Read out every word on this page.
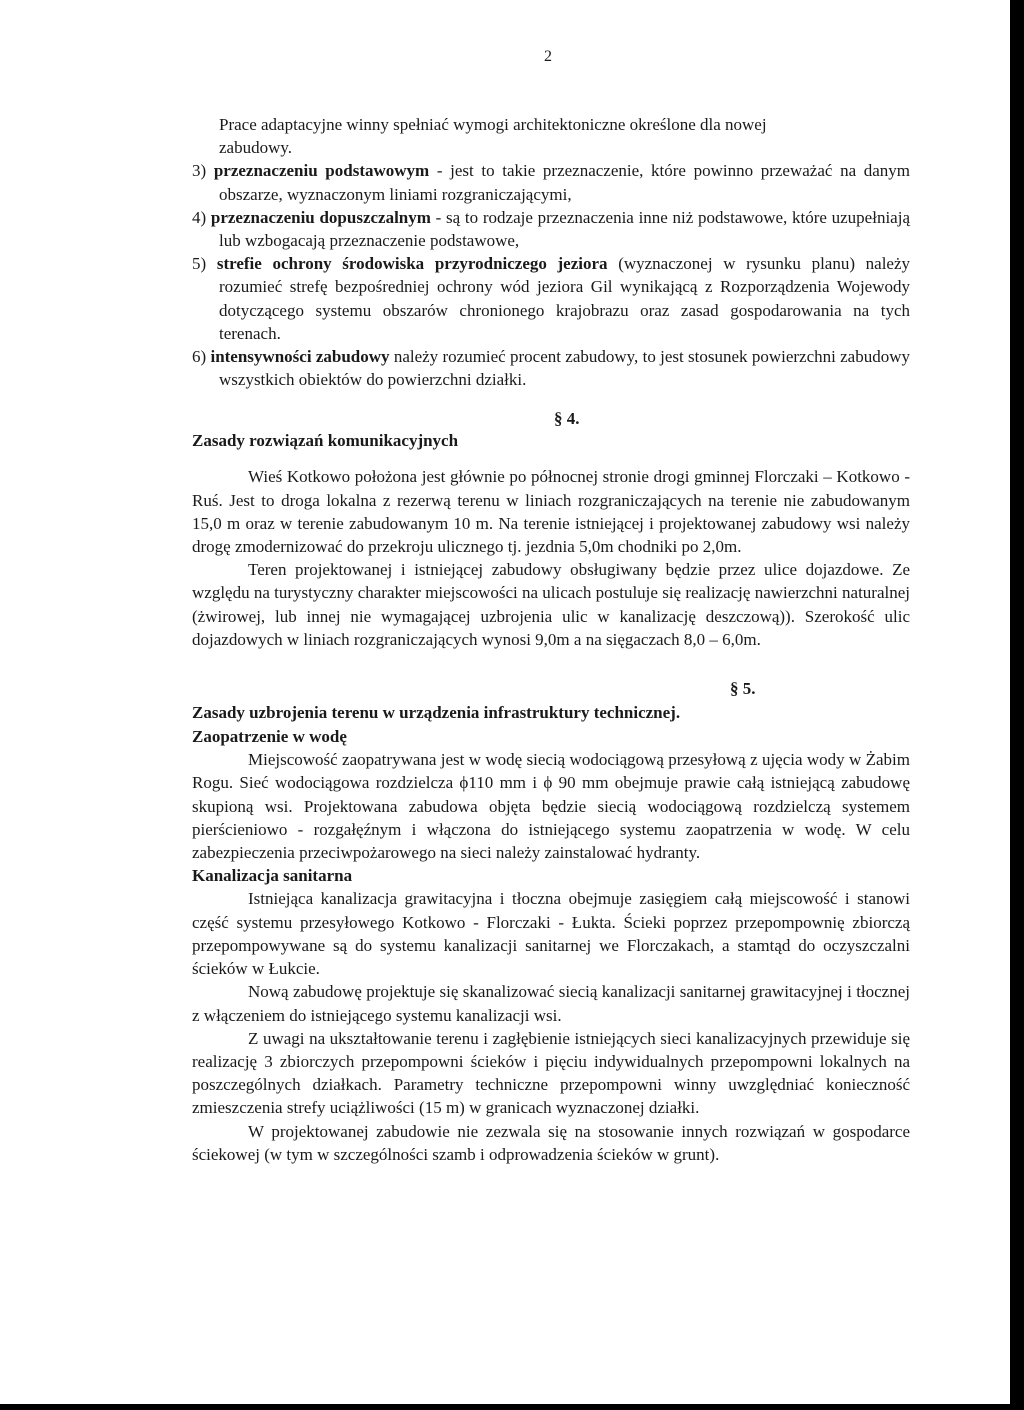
2

Prace adaptacyjne winny spełniać wymogi architektoniczne określone dla nowej

zabudowy.

3) przeznaczeniu podstawowym - jest to takie przeznaczenie, które powinno przeważać na danym obszarze, wyznaczonym liniami rozgraniczającymi,

4) przeznaczeniu dopuszczalnym - są to rodzaje przeznaczenia inne niż podstawowe, które uzupełniają lub wzbogacają przeznaczenie podstawowe,

5) strefie ochrony środowiska przyrodniczego jeziora (wyznaczonej w rysunku planu) należy rozumieć strefę bezpośredniej ochrony wód jeziora Gil wynikającą z Rozporządzenia Wojewody dotyczącego systemu obszarów chronionego krajobrazu oraz zasad gospodarowania na tych terenach.

6) intensywności zabudowy należy rozumieć procent zabudowy, to jest stosunek powierzchni zabudowy wszystkich obiektów do powierzchni działki.

§ 4.
Zasady rozwiązań komunikacyjnych

Wieś Kotkowo położona jest głównie po północnej stronie drogi gminnej Florczaki – Kotkowo - Ruś. Jest to droga lokalna z rezerwą terenu w liniach rozgraniczających na terenie nie zabudowanym 15,0 m oraz w terenie zabudowanym 10 m. Na terenie istniejącej i projektowanej zabudowy wsi należy drogę zmodernizować do przekroju ulicznego tj. jezdnia 5,0m chodniki po 2,0m.

Teren projektowanej i istniejącej zabudowy obsługiwany będzie przez ulice dojazdowe. Ze względu na turystyczny charakter miejscowości na ulicach postuluje się realizację nawierzchni naturalnej (żwirowej, lub innej nie wymagającej uzbrojenia ulic w kanalizację deszczową)). Szerokość ulic dojazdowych w liniach rozgraniczających wynosi 9,0m a na sięgaczach 8,0 – 6,0m.

§ 5.
Zasady uzbrojenia terenu w urządzenia infrastruktury technicznej.

Zaopatrzenie w wodę

Miejscowość zaopatrywana jest w wodę siecią wodociągową przesyłową z ujęcia wody w Żabim Rogu. Sieć wodociągowa rozdzielcza ϕ110 mm i ϕ 90 mm obejmuje prawie całą istniejącą zabudowę skupioną wsi. Projektowana zabudowa objęta będzie siecią wodociągową rozdzielczą systemem pierścieniowo - rozgałęźnym i włączona do istniejącego systemu zaopatrzenia w wodę. W celu zabezpieczenia przeciwpożarowego na sieci należy zainstalować hydranty.

Kanalizacja sanitarna

Istniejąca kanalizacja grawitacyjna i tłoczna obejmuje zasięgiem całą miejscowość i stanowi część systemu przesyłowego Kotkowo - Florczaki - Łukta. Ścieki poprzez przepompownię zbiorczą przepompowywane są do systemu kanalizacji sanitarnej we Florczakach, a stamtąd do oczyszczalni ścieków w Łukcie.

Nową zabudowę projektuje się skanalizować siecią kanalizacji sanitarnej grawitacyjnej i tłocznej z włączeniem do istniejącego systemu kanalizacji wsi.

Z uwagi na ukształtowanie terenu i zagłębienie istniejących sieci kanalizacyjnych przewiduje się realizację 3 zbiorczych przepompowni ścieków i pięciu indywidualnych przepompowni lokalnych na poszczególnych działkach. Parametry techniczne przepompowni winny uwzględniać konieczność zmieszczenia strefy uciążliwości (15 m) w granicach wyznaczonej działki.

W projektowanej zabudowie nie zezwala się na stosowanie innych rozwiązań w gospodarce ściekowej (w tym w szczególności szamb i odprowadzenia ścieków w grunt).
